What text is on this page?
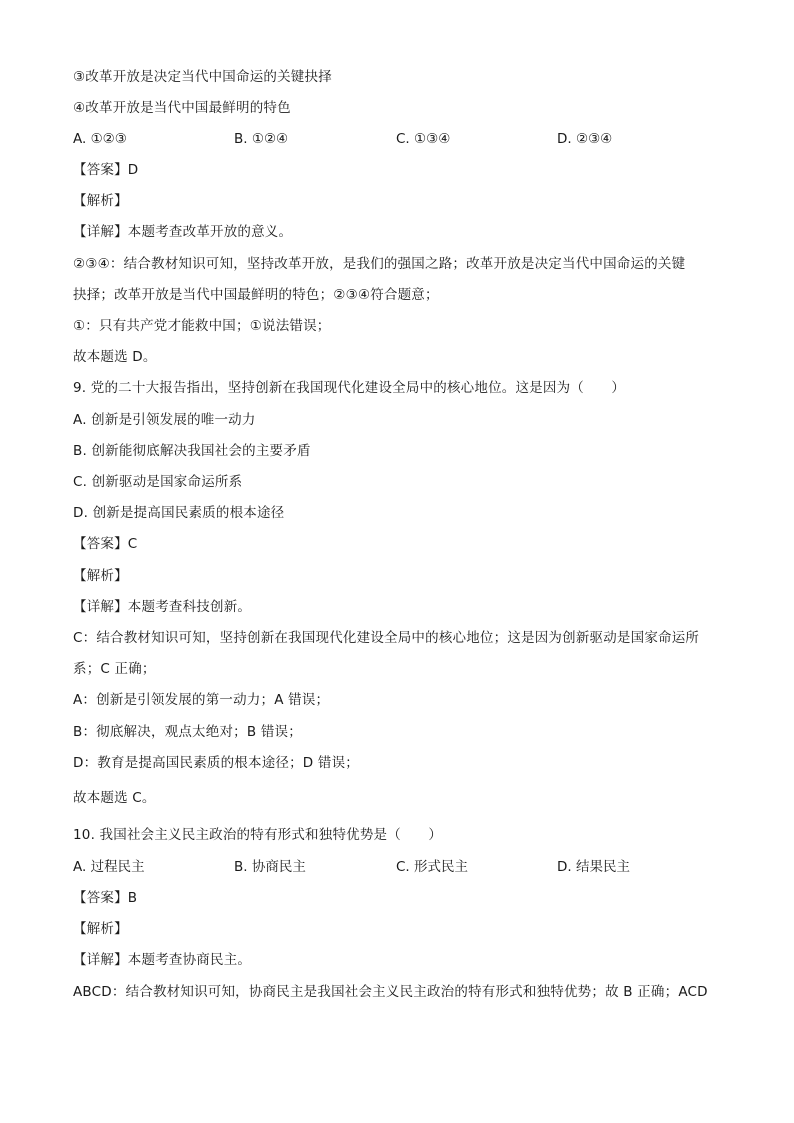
③改革开放是决定当代中国命运的关键抉择
④改革开放是当代中国最鲜明的特色
A. ①②③	B. ①②④	C. ①③④	D. ②③④
【答案】D
【解析】
【详解】本题考查改革开放的意义。
②③④：结合教材知识可知，坚持改革开放，是我们的强国之路；改革开放是决定当代中国命运的关键
抉择；改革开放是当代中国最鲜明的特色；②③④符合题意；
①：只有共产党才能救中国；①说法错误；
故本题选 D。
9. 党的二十大报告指出，坚持创新在我国现代化建设全局中的核心地位。这是因为（　　）
A. 创新是引领发展的唯一动力
B. 创新能彻底解决我国社会的主要矛盾
C. 创新驱动是国家命运所系
D. 创新是提高国民素质的根本途径
【答案】C
【解析】
【详解】本题考查科技创新。
C：结合教材知识可知，坚持创新在我国现代化建设全局中的核心地位；这是因为创新驱动是国家命运所
系；C 正确；
A：创新是引领发展的第一动力；A 错误；
B：彻底解决，观点太绝对；B 错误；
D：教育是提高国民素质的根本途径；D 错误；
故本题选 C。
10. 我国社会主义民主政治的特有形式和独特优势是（　　）
A. 过程民主	B. 协商民主	C. 形式民主	D. 结果民主
【答案】B
【解析】
【详解】本题考查协商民主。
ABCD：结合教材知识可知，协商民主是我国社会主义民主政治的特有形式和独特优势；故 B 正确；ACD
